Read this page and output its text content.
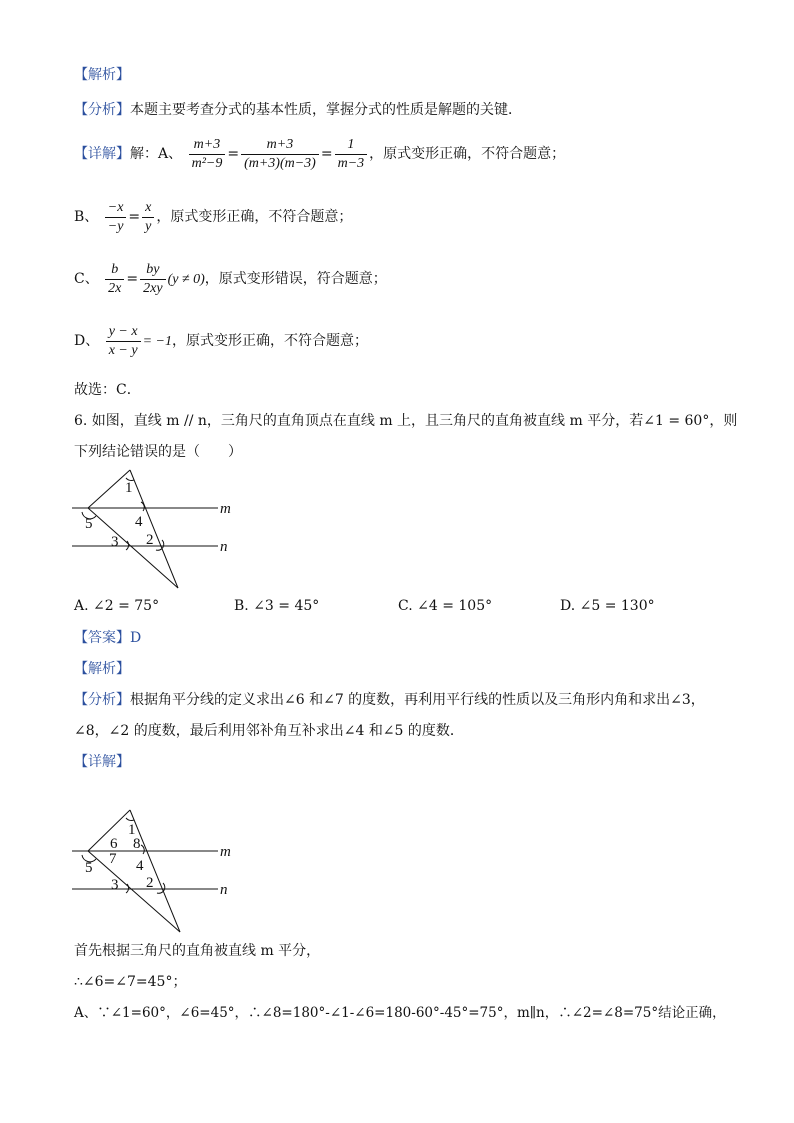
【解析】
【分析】本题主要考查分式的基本性质，掌握分式的性质是解题的关键．
【详解】解：A、 $\frac{m+3}{\text{m²−9}} = \frac{m+3}{(m+3)(m-3)} = \frac{1}{m-3}$ ，原式变形正确，不符合题意；
B、 $\frac{-x}{-y} = \frac{x}{y}$ ，原式变形正确，不符合题意；
C、 $\frac{b}{2x} = \frac{by}{2xy} (y \ne 0)$，原式变形错误，符合题意；
D、 $\frac{y - x}{x - y} = -1$，原式变形正确，不符合题意；
故选：C．
6. 如图，直线 m // n，三角尺的直角顶点在直线 m 上，且三角尺的直角被直线 m 平分，若∠1 = 60°，则
下列结论错误的是（　　）
1
4
5
3 2
m
n
A. ∠2 = 75°	B. ∠3 = 45°	C. ∠4 = 105°	D. ∠5 = 130°
【答案】D
【解析】
【分析】根据角平分线的定义求出∠6 和∠7 的度数，再利用平行线的性质以及三角形内角和求出∠3，
∠8，∠2 的度数，最后利用邻补角互补求出∠4 和∠5 的度数．
【详解】
1
6 8
5
7 4
3 2
m
n
首先根据三角尺的直角被直线 m 平分，
∴∠6=∠7=45°；
A、∵∠1=60°，∠6=45°，∴∠8=180°-∠1-∠6=180-60°-45°=75°，m∥n，∴∠2=∠8=75°结论正确，
